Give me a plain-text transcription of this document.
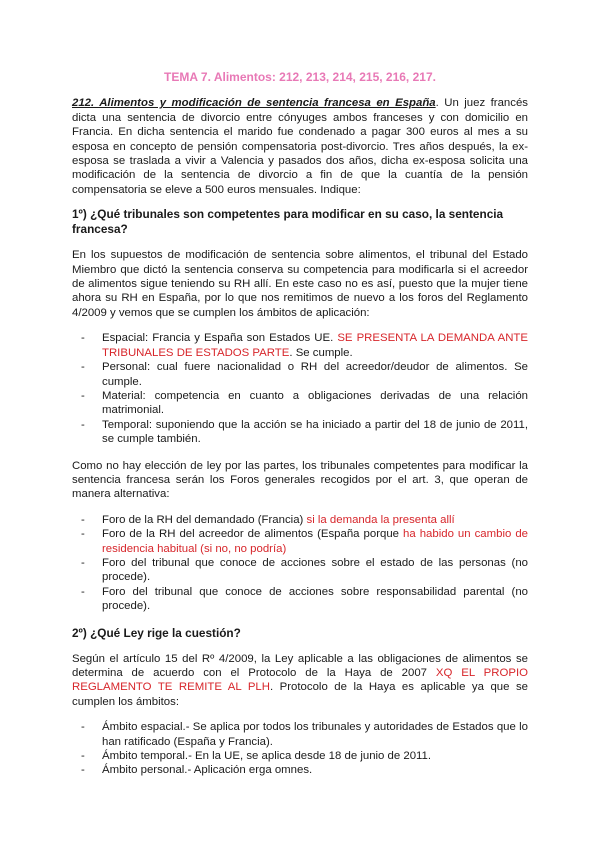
TEMA 7. Alimentos: 212, 213, 214, 215, 216, 217.

212. Alimentos y modificación de sentencia francesa en España. Un juez francés dicta una sentencia de divorcio entre cónyuges ambos franceses y con domicilio en Francia. En dicha sentencia el marido fue condenado a pagar 300 euros al mes a su esposa en concepto de pensión compensatoria post-divorcio. Tres años después, la ex-esposa se traslada a vivir a Valencia y pasados dos años, dicha ex-esposa solicita una modificación de la sentencia de divorcio a fin de que la cuantía de la pensión compensatoria se eleve a 500 euros mensuales. Indique:

1º) ¿Qué tribunales son competentes para modificar en su caso, la sentencia francesa?

En los supuestos de modificación de sentencia sobre alimentos, el tribunal del Estado Miembro que dictó la sentencia conserva su competencia para modificarla si el acreedor de alimentos sigue teniendo su RH allí. En este caso no es así, puesto que la mujer tiene ahora su RH en España, por lo que nos remitimos de nuevo a los foros del Reglamento 4/2009 y vemos que se cumplen los ámbitos de aplicación:

- Espacial: Francia y España son Estados UE. SE PRESENTA LA DEMANDA ANTE TRIBUNALES DE ESTADOS PARTE. Se cumple.
- Personal: cual fuere nacionalidad o RH del acreedor/deudor de alimentos. Se cumple.
- Material: competencia en cuanto a obligaciones derivadas de una relación matrimonial.
- Temporal: suponiendo que la acción se ha iniciado a partir del 18 de junio de 2011, se cumple también.

Como no hay elección de ley por las partes, los tribunales competentes para modificar la sentencia francesa serán los Foros generales recogidos por el art. 3, que operan de manera alternativa:

- Foro de la RH del demandado (Francia) si la demanda la presenta allí
- Foro de la RH del acreedor de alimentos (España porque ha habido un cambio de residencia habitual (si no, no podría)
- Foro del tribunal que conoce de acciones sobre el estado de las personas (no procede).
- Foro del tribunal que conoce de acciones sobre responsabilidad parental (no procede).
2º) ¿Qué Ley rige la cuestión?

Según el artículo 15 del Rº 4/2009, la Ley aplicable a las obligaciones de alimentos se determina de acuerdo con el Protocolo de la Haya de 2007 XQ EL PROPIO REGLAMENTO TE REMITE AL PLH. Protocolo de la Haya es aplicable ya que se cumplen los ámbitos:

- Ámbito espacial.- Se aplica por todos los tribunales y autoridades de Estados que lo han ratificado (España y Francia).
- Ámbito temporal.- En la UE, se aplica desde 18 de junio de 2011.
- Ámbito personal.- Aplicación erga omnes.
